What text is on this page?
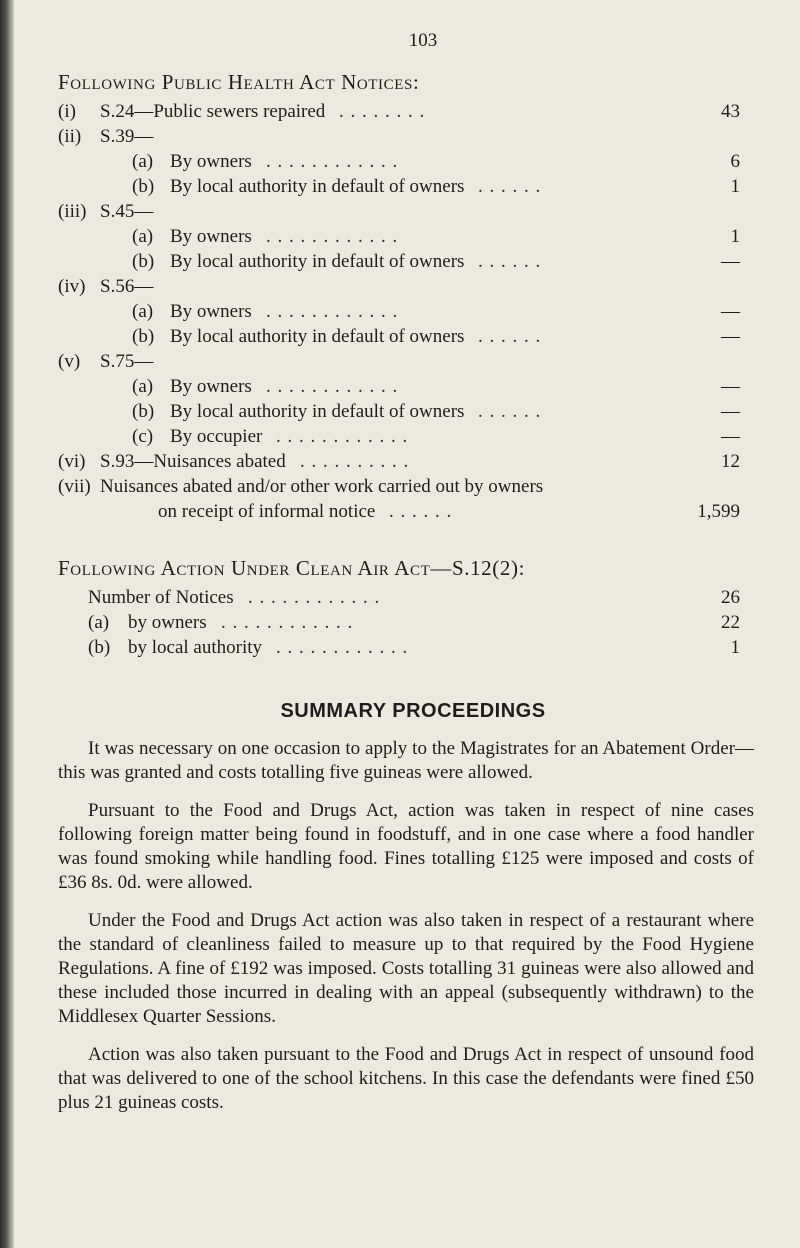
103
Following Public Health Act Notices:
(i) S.24—Public sewers repaired . . . . . . . .	43
(ii) S.39—
(a) By owners . . . . . . . . . . . .	6
(b) By local authority in default of owners . . . . . .	1
(iii) S.45—
(a) By owners . . . . . . . . . . . .	1
(b) By local authority in default of owners . . . . . .	—
(iv) S.56—
(a) By owners . . . . . . . . . . . .	—
(b) By local authority in default of owners . . . . . .	—
(v) S.75—
(a) By owners . . . . . . . . . . . .	—
(b) By local authority in default of owners . . . . . .	—
(c) By occupier . . . . . . . . . . . .	—
(vi) S.93—Nuisances abated . . . . . . . . . .	12
(vii) Nuisances abated and/or other work carried out by owners
on receipt of informal notice . . . . . .	1,599
Following Action Under Clean Air Act—S.12(2):
Number of Notices . . . . . . . . . . . .	26
(a) by owners . . . . . . . . . . . .	22
(b) by local authority . . . . . . . . . . . .	1
SUMMARY PROCEEDINGS

It was necessary on one occasion to apply to the Magistrates for an Abatement Order—this was granted and costs totalling five guineas were allowed.

Pursuant to the Food and Drugs Act, action was taken in respect of nine cases following foreign matter being found in foodstuff, and in one case where a food handler was found smoking while handling food. Fines totalling £125 were imposed and costs of £36 8s. 0d. were allowed.

Under the Food and Drugs Act action was also taken in respect of a restaurant where the standard of cleanliness failed to measure up to that required by the Food Hygiene Regulations. A fine of £192 was imposed. Costs totalling 31 guineas were also allowed and these included those incurred in dealing with an appeal (subsequently withdrawn) to the Middlesex Quarter Sessions.

Action was also taken pursuant to the Food and Drugs Act in respect of unsound food that was delivered to one of the school kitchens. In this case the defendants were fined £50 plus 21 guineas costs.
